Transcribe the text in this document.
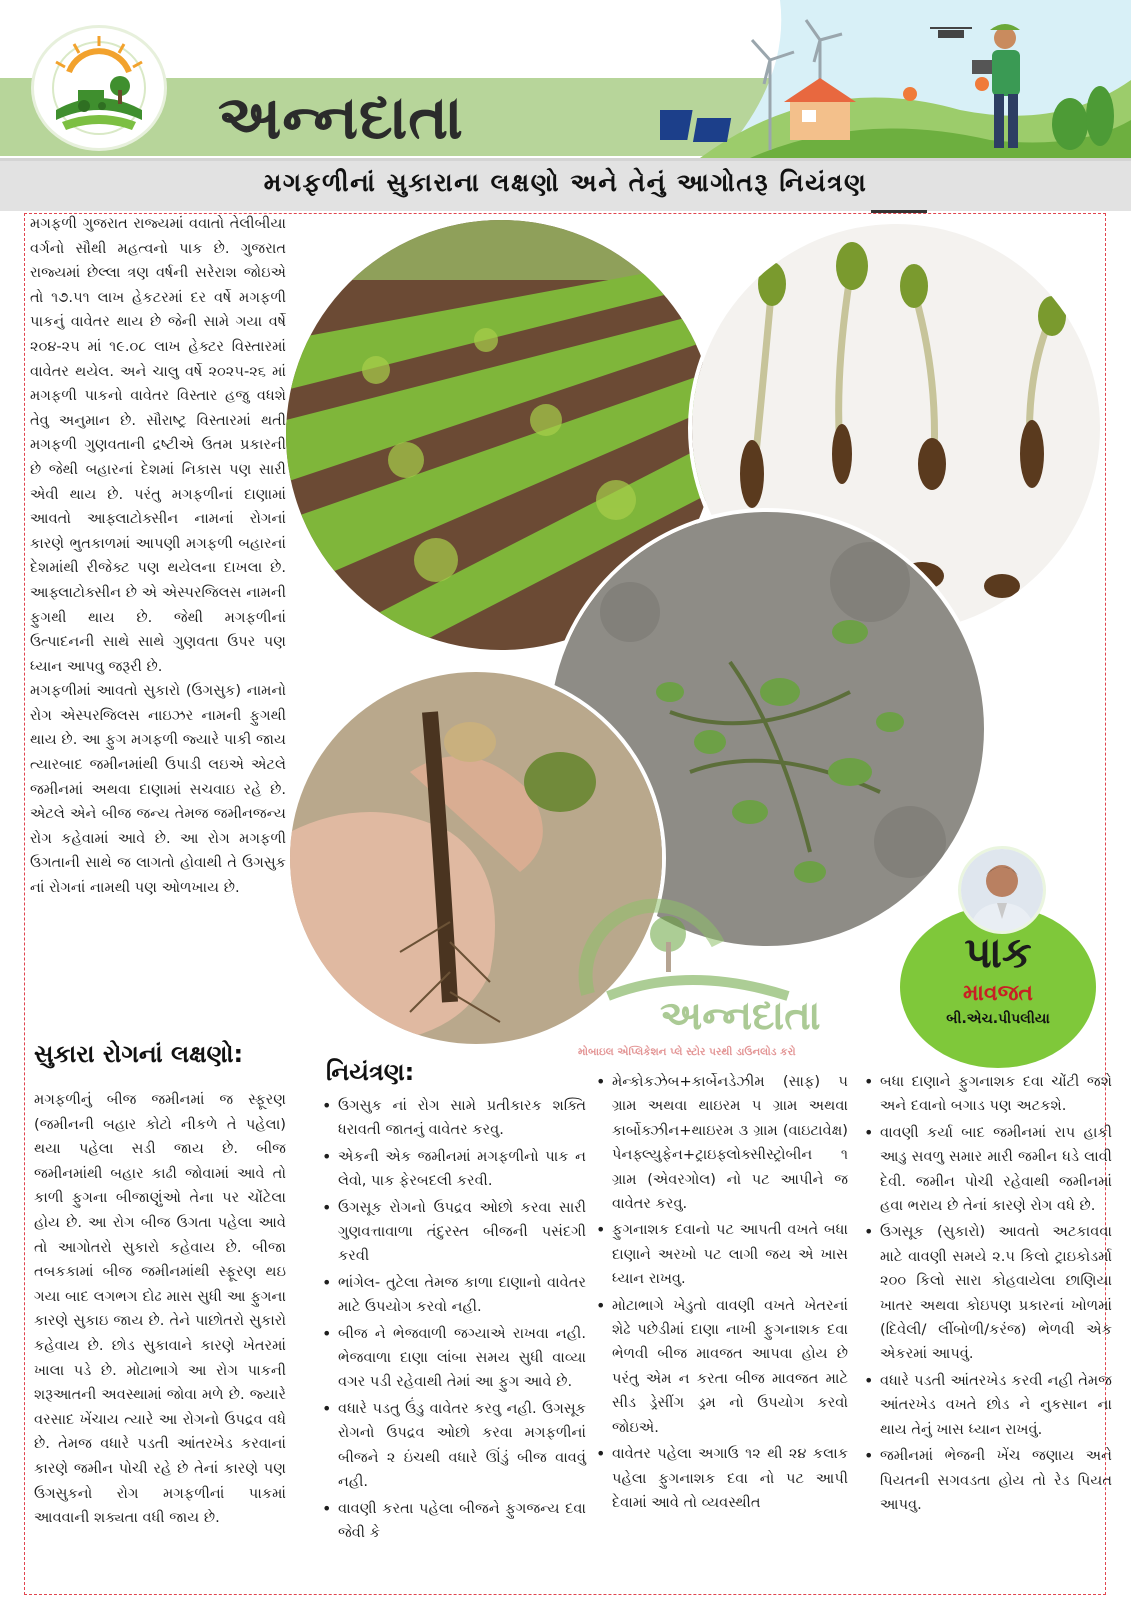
અન્નદાતા
મગફળીનાં સુકારાના લક્ષણો અને તેનું આગોતરૂ નિયંત્રણ

મગફળી ગુજરાત રાજ્યમાં વવાતો તેલીબીયા વર્ગનો સૌથી મહત્વનો પાક છે. ગુજરાત રાજ્યમાં છેલ્લા ત્રણ વર્ષની સરેરાશ જોઇએ તો ૧૭.૫૧ લાખ હેકટરમાં દર વર્ષે મગફળી પાકનું વાવેતર થાય છે જેની સામે ગયા વર્ષે ૨૦૪-૨૫ માં ૧૯.૦૮ લાખ હેક્ટર વિસ્તારમાં વાવેતર થયેલ. અને ચાલુ વર્ષે ૨૦૨૫-૨૬ માં મગફળી પાકનો વાવેતર વિસ્તાર હજુ વધશે તેવુ અનુમાન છે. સૌરાષ્ટ્ર વિસ્તારમાં થતી મગફળી ગુણવતાની દ્રષ્ટીએ ઉતમ પ્રકારની છે જેથી બહારનાં દેશમાં નિકાસ પણ સારી એવી થાય છે. પરંતુ મગફળીનાં દાણામાં આવતો આફ્લાટોક્સીન નામનાં રોગનાં કારણે ભુતકાળમાં આપણી મગફળી બહારનાં દેશમાંથી રીજેક્ટ પણ થયેલના દાખલા છે. આફ્લાટોક્સીન છે એ એસ્પરજિલસ નામની ફુગથી થાય છે. જેથી મગફળીનાં ઉત્પાદનની સાથે સાથે ગુણવતા ઉપર પણ ધ્યાન આપવુ જરૂરી છે.

મગફળીમાં આવતો સુકારો (ઉગસુક) નામનો રોગ એસ્પરજિલસ નાઇઝર નામની ફુગથી થાય છે. આ ફુગ મગફળી જ્યારે પાકી જાય ત્યારબાદ જમીનમાંથી ઉપાડી લઇએ એટલે જમીનમાં અથવા દાણામાં સચવાઇ રહે છે. એટલે એને બીજ જન્ય તેમજ જમીનજન્ય રોગ કહેવામાં આવે છે. આ રોગ મગફળી ઉગતાની સાથે જ લાગતો હોવાથી તે ઉગસુક નાં રોગનાં નામથી પણ ઓળખાય છે.

અન્નદાતા
મોબાઇલ એપ્લિકેશન પ્લે સ્ટોર પરથી ડાઉનલોડ કરો
પાક
માવજત
બી.એચ.પીપલીયા
સુકારા રોગનાં લક્ષણો:

મગફળીનું બીજ જમીનમાં જ સ્ફૂરણ (જમીનની બહાર કોટો નીકળે તે પહેલા) થયા પહેલા સડી જાય છે. બીજ જમીનમાંથી બહાર કાઢી જોવામાં આવે તો કાળી ફુગના બીજાણુંઓ તેના પર ચોંટેલા હોય છે. આ રોગ બીજ ઉગતા પહેલા આવે તો આગોતરો સુકારો કહેવાય છે. બીજા તબકકામાં બીજ જમીનમાંથી સ્ફૂરણ થઇ ગયા બાદ લગભગ દોઢ માસ સુધી આ ફુગના કારણે સુકાઇ જાય છે. તેને પાછોતરો સુકારો કહેવાય છે. છોડ સુકાવાને કારણે ખેતરમાં ખાલા પડે છે. મોટાભાગે આ રોગ પાકની શરૂઆતની અવસ્થામાં જોવા મળે છે. જ્યારે વરસાદ ખેંચાય ત્યારે આ રોગનો ઉપદ્રવ વધે છે. તેમજ વધારે પડતી આંતરખેડ કરવાનાં કારણે જમીન પોચી રહે છે તેનાં કારણે પણ ઉગસુકનો રોગ મગફળીનાં પાકમાં આવવાની શક્યતા વધી જાય છે.

નિયંત્રણ:
• ઉગસુક નાં રોગ સામે પ્રતીકારક શક્તિ ધરાવતી જાતનું વાવેતર કરવુ.
• એકની એક જમીનમાં મગફળીનો પાક ન લેવો, પાક ફેરબદલી કરવી.
• ઉગસૂક રોગનો ઉપદ્રવ ઓછો કરવા સારી ગુણવત્તાવાળા તંદુરસ્ત બીજની પસંદગી કરવી
• ભાંગેલ- તુટેલા તેમજ કાળા દાણાનો વાવેતર માટે ઉપયોગ કરવો નહી.
• બીજ ને ભેજવાળી જગ્યાએ રાખવા નહી. ભેજવાળા દાણા લાંબા સમય સુધી વાવ્યા વગર પડી રહેવાથી તેમાં આ ફુગ આવે છે.
• વધારે પડતુ ઉંડુ વાવેતર કરવુ નહી. ઉગસૂક રોગનો ઉપદ્રવ ઓછો કરવા મગફળીનાં બીજને ૨ ઇંચથી વધારે ઊંડું બીજ વાવવું નહી.
• વાવણી કરતા પહેલા બીજને ફુગજન્ય દવા જેવી કે
• મેન્કોકઝેબ+કાર્બેનડેઝીમ (સાફ) ૫ ગ્રામ અથવા થાઇરમ ૫ ગ્રામ અથવા કાર્બોક્ઝીન+થાઇરમ ૩ ગ્રામ (વાઇટાવેક્ષ) પેનફ્લ્યુફેન+ટ્રાઇફ્લોક્સીસ્ટ્રોબીન ૧ ગ્રામ (એવરગોલ) નો પટ આપીને જ વાવેતર કરવુ.
• ફુગનાશક દવાનો પટ આપતી વખતે બધા દાણાને અરખો પટ લાગી જય એ ખાસ ધ્યાન રાખવુ.
• મોટાભાગે ખેડુતો વાવણી વખતે ખેતરનાં શેઢે પછેડીમાં દાણા નાખી ફુગનાશક દવા ભેળવી બીજ માવજત આપવા હોય છે પરંતુ એમ ન કરતા બીજ માવજત માટે સીડ ડ્રેસીંગ ડ્રમ નો ઉપયોગ કરવો જોઇએ.
• વાવેતર પહેલા અગાઉ ૧૨ થી ૨૪ કલાક પહેલા ફુગનાશક દવા નો પટ આપી દેવામાં આવે તો વ્યવસ્થીત
• બધા દાણાને ફુગનાશક દવા ચોંટી જશે અને દવાનો બગાડ પણ અટકશે.
• વાવણી કર્યા બાદ જમીનમાં રાપ હાકી આડુ સવળુ સમાર મારી જમીન ધડે લાવી દેવી. જમીન પોચી રહેવાથી જમીનમાં હવા ભરાય છે તેનાં કારણે રોગ વધે છે.
• ઉગસૂક (સુકારો) આવતો અટકાવવા માટે વાવણી સમયે ૨.૫ કિલો ટ્રાઇકોડર્મા ૨૦૦ કિલો સારા કોહવાયેલા છાણિયા ખાતર અથવા કોઇપણ પ્રકારનાં ખોળમાં (દિવેલી/ લીંબોળી/કરંજ) ભેળવી એક એકરમાં આપવું.
• વધારે પડતી આંતરખેડ કરવી નહી તેમજ આંતરખેડ વખતે છોડ ને નુકસાન ના થાય તેનું ખાસ ધ્યાન રાખવું.
• જમીનમાં ભેજની ખેંચ જણાય અને પિયતની સગવડતા હોય તો રેડ પિયત આપવુ.
